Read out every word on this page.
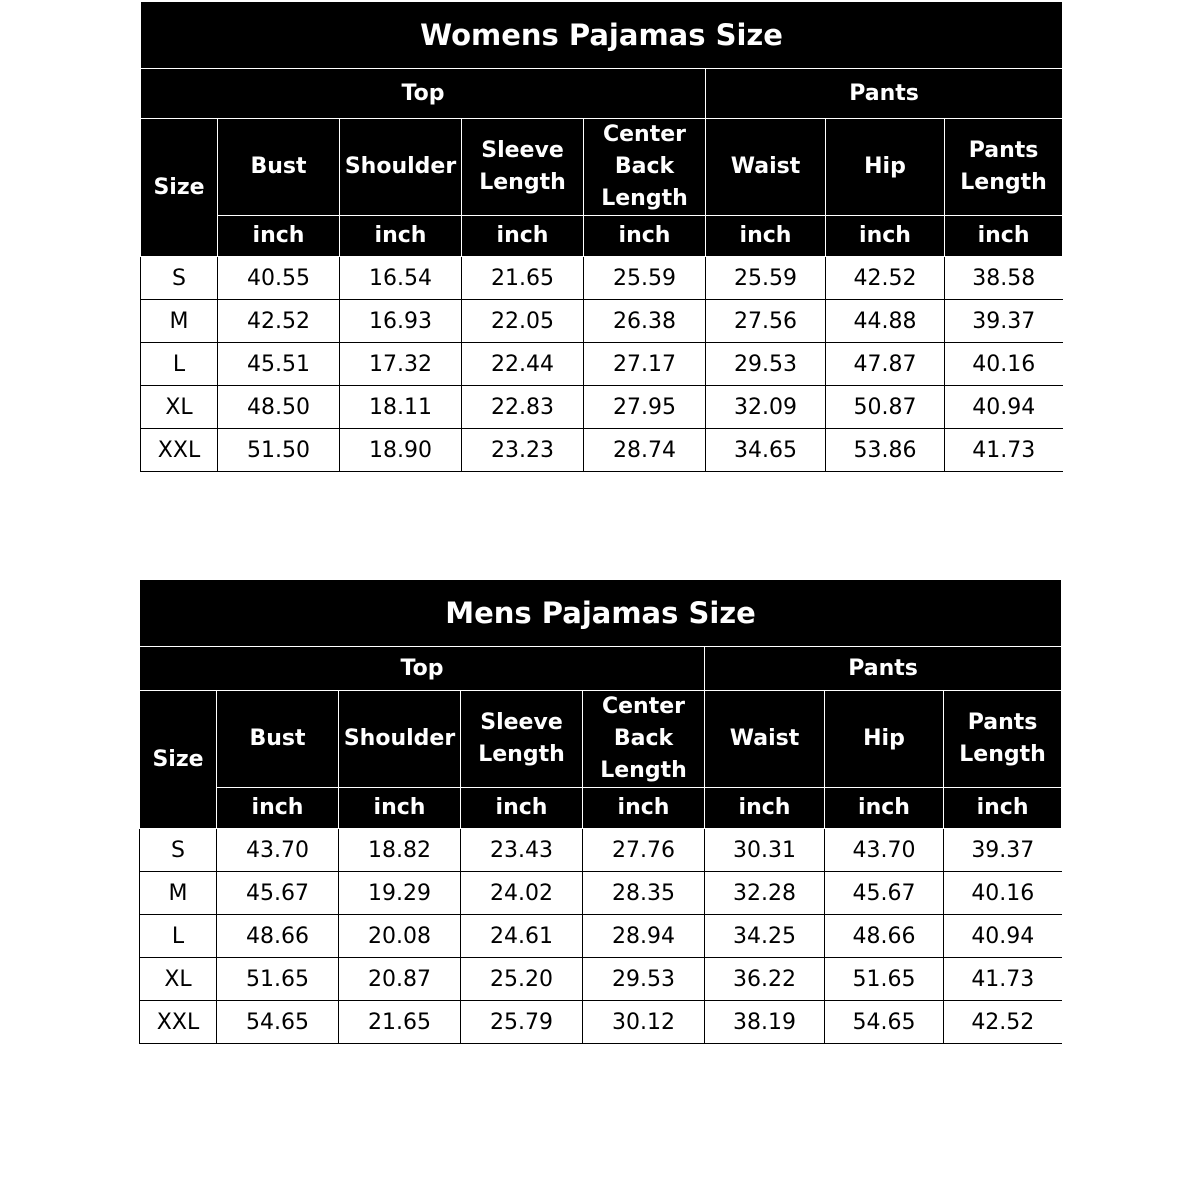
Womens Pajamas Size							
Top					Pants		
Size	Bust	Shoulder	Sleeve Length	Center Back Length	Waist	Hip	Pants Length
	inch	inch	inch	inch	inch	inch	inch
S	40.55	16.54	21.65	25.59	25.59	42.52	38.58
M	42.52	16.93	22.05	26.38	27.56	44.88	39.37
L	45.51	17.32	22.44	27.17	29.53	47.87	40.16
XL	48.50	18.11	22.83	27.95	32.09	50.87	40.94
XXL	51.50	18.90	23.23	28.74	34.65	53.86	41.73
Mens Pajamas Size							
Top					Pants		
Size	Bust	Shoulder	Sleeve Length	Center Back Length	Waist	Hip	Pants Length
	inch	inch	inch	inch	inch	inch	inch
S	43.70	18.82	23.43	27.76	30.31	43.70	39.37
M	45.67	19.29	24.02	28.35	32.28	45.67	40.16
L	48.66	20.08	24.61	28.94	34.25	48.66	40.94
XL	51.65	20.87	25.20	29.53	36.22	51.65	41.73
XXL	54.65	21.65	25.79	30.12	38.19	54.65	42.52
